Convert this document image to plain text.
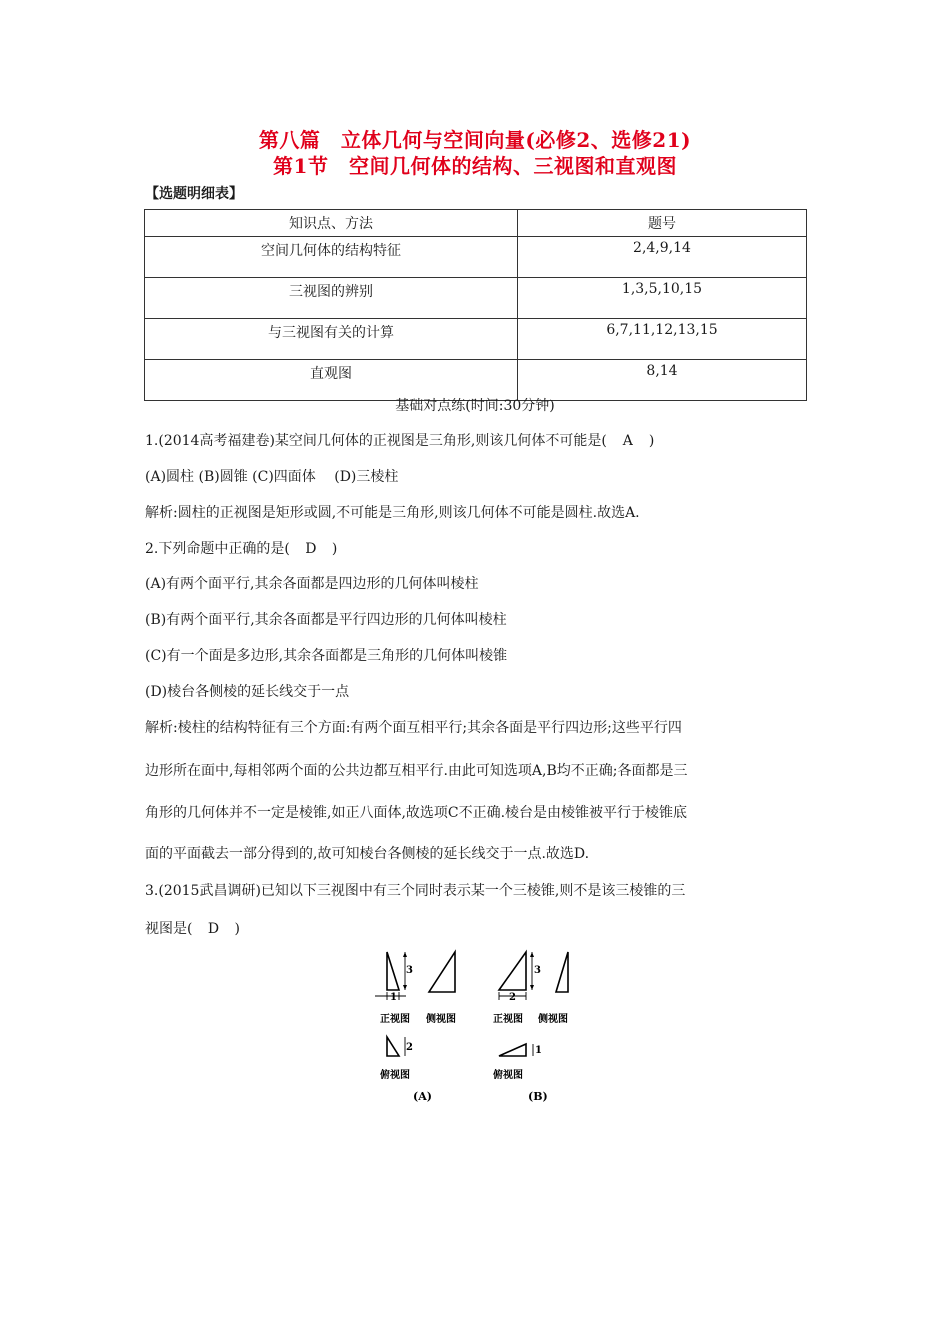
第八篇　立体几何与空间向量(必修2、选修21)
第1节　空间几何体的结构、三视图和直观图
【选题明细表】
知识点、方法	题号
空间几何体的结构特征	2,4,9,14
三视图的辨别	1,3,5,10,15
与三视图有关的计算	6,7,11,12,13,15
直观图	8,14
基础对点练(时间:30分钟)
1.(2014高考福建卷)某空间几何体的正视图是三角形,则该几何体不可能是( A )
(A)圆柱 (B)圆锥 (C)四面体　 (D)三棱柱
解析:圆柱的正视图是矩形或圆,不可能是三角形,则该几何体不可能是圆柱.故选A.
2.下列命题中正确的是( D )
(A)有两个面平行,其余各面都是四边形的几何体叫棱柱
(B)有两个面平行,其余各面都是平行四边形的几何体叫棱柱
(C)有一个面是多边形,其余各面都是三角形的几何体叫棱锥
(D)棱台各侧棱的延长线交于一点
解析:棱柱的结构特征有三个方面:有两个面互相平行;其余各面是平行四边形;这些平行四
边形所在面中,每相邻两个面的公共边都互相平行.由此可知选项A,B均不正确;各面都是三
角形的几何体并不一定是棱锥,如正八面体,故选项C不正确.棱台是由棱锥被平行于棱锥底
面的平面截去一部分得到的,故可知棱台各侧棱的延长线交于一点.故选D.
3.(2015武昌调研)已知以下三视图中有三个同时表示某一个三棱锥,则不是该三棱锥的三
视图是( D )
3
1
正视图 侧视图
2
俯视图
3
2
正视图 侧视图
1
俯视图
(A)	(B)
